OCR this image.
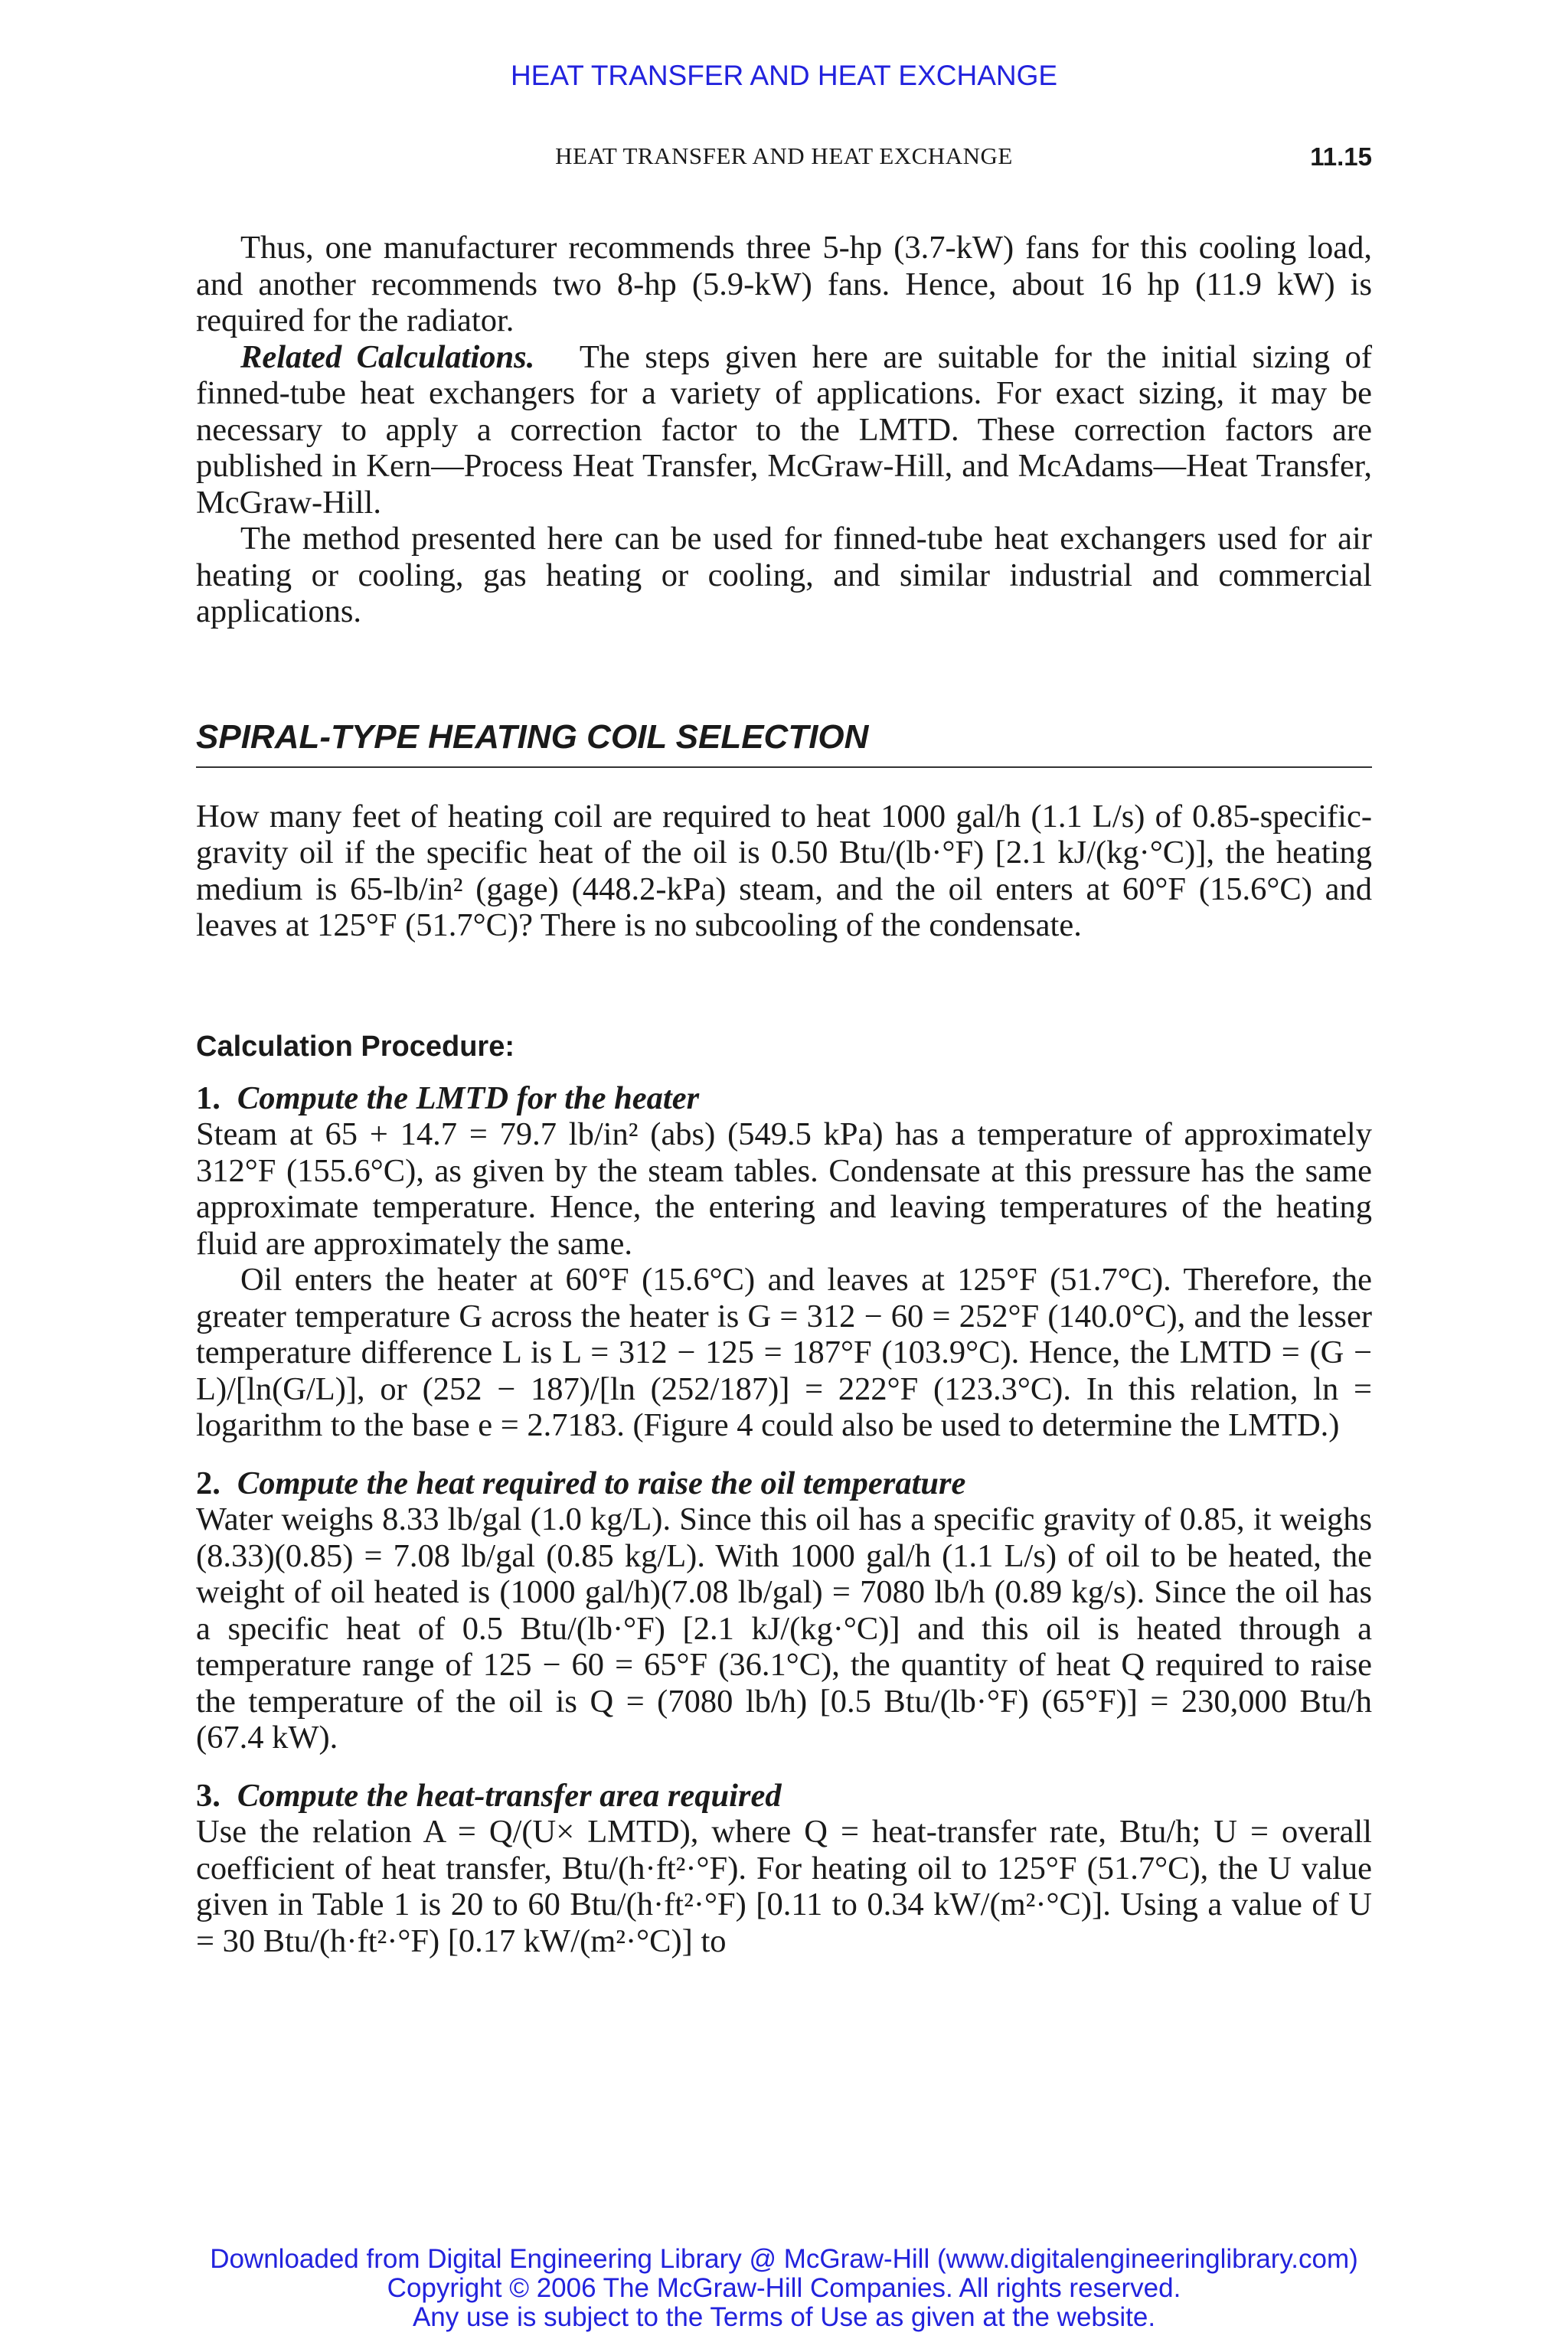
HEAT TRANSFER AND HEAT EXCHANGE
HEAT TRANSFER AND HEAT EXCHANGE	11.15

Thus, one manufacturer recommends three 5-hp (3.7-kW) fans for this cooling load, and another recommends two 8-hp (5.9-kW) fans. Hence, about 16 hp (11.9 kW) is required for the radiator.

Related Calculations. The steps given here are suitable for the initial sizing of finned-tube heat exchangers for a variety of applications. For exact sizing, it may be necessary to apply a correction factor to the LMTD. These correction factors are published in Kern—Process Heat Transfer, McGraw-Hill, and McAdams—Heat Transfer, McGraw-Hill.

The method presented here can be used for finned-tube heat exchangers used for air heating or cooling, gas heating or cooling, and similar industrial and commercial applications.

SPIRAL-TYPE HEATING COIL SELECTION

How many feet of heating coil are required to heat 1000 gal/h (1.1 L/s) of 0.85-specific-gravity oil if the specific heat of the oil is 0.50 Btu/(lb·°F) [2.1 kJ/(kg·°C)], the heating medium is 65-lb/in² (gage) (448.2-kPa) steam, and the oil enters at 60°F (15.6°C) and leaves at 125°F (51.7°C)? There is no subcooling of the condensate.

Calculation Procedure:

1. Compute the LMTD for the heater

Steam at 65 + 14.7 = 79.7 lb/in² (abs) (549.5 kPa) has a temperature of approximately 312°F (155.6°C), as given by the steam tables. Condensate at this pressure has the same approximate temperature. Hence, the entering and leaving temperatures of the heating fluid are approximately the same.

Oil enters the heater at 60°F (15.6°C) and leaves at 125°F (51.7°C). Therefore, the greater temperature G across the heater is G = 312 − 60 = 252°F (140.0°C), and the lesser temperature difference L is L = 312 − 125 = 187°F (103.9°C). Hence, the LMTD = (G − L)/[ln(G/L)], or (252 − 187)/[ln (252/187)] = 222°F (123.3°C). In this relation, ln = logarithm to the base e = 2.7183. (Figure 4 could also be used to determine the LMTD.)

2. Compute the heat required to raise the oil temperature

Water weighs 8.33 lb/gal (1.0 kg/L). Since this oil has a specific gravity of 0.85, it weighs (8.33)(0.85) = 7.08 lb/gal (0.85 kg/L). With 1000 gal/h (1.1 L/s) of oil to be heated, the weight of oil heated is (1000 gal/h)(7.08 lb/gal) = 7080 lb/h (0.89 kg/s). Since the oil has a specific heat of 0.5 Btu/(lb·°F) [2.1 kJ/(kg·°C)] and this oil is heated through a temperature range of 125 − 60 = 65°F (36.1°C), the quantity of heat Q required to raise the temperature of the oil is Q = (7080 lb/h) [0.5 Btu/(lb·°F) (65°F)] = 230,000 Btu/h (67.4 kW).

3. Compute the heat-transfer area required

Use the relation A = Q/(U× LMTD), where Q = heat-transfer rate, Btu/h; U = overall coefficient of heat transfer, Btu/(h·ft²·°F). For heating oil to 125°F (51.7°C), the U value given in Table 1 is 20 to 60 Btu/(h·ft²·°F) [0.11 to 0.34 kW/(m²·°C)]. Using a value of U = 30 Btu/(h·ft²·°F) [0.17 kW/(m²·°C)] to

Downloaded from Digital Engineering Library @ McGraw-Hill (www.digitalengineeringlibrary.com)
Copyright © 2006 The McGraw-Hill Companies. All rights reserved.
Any use is subject to the Terms of Use as given at the website.
